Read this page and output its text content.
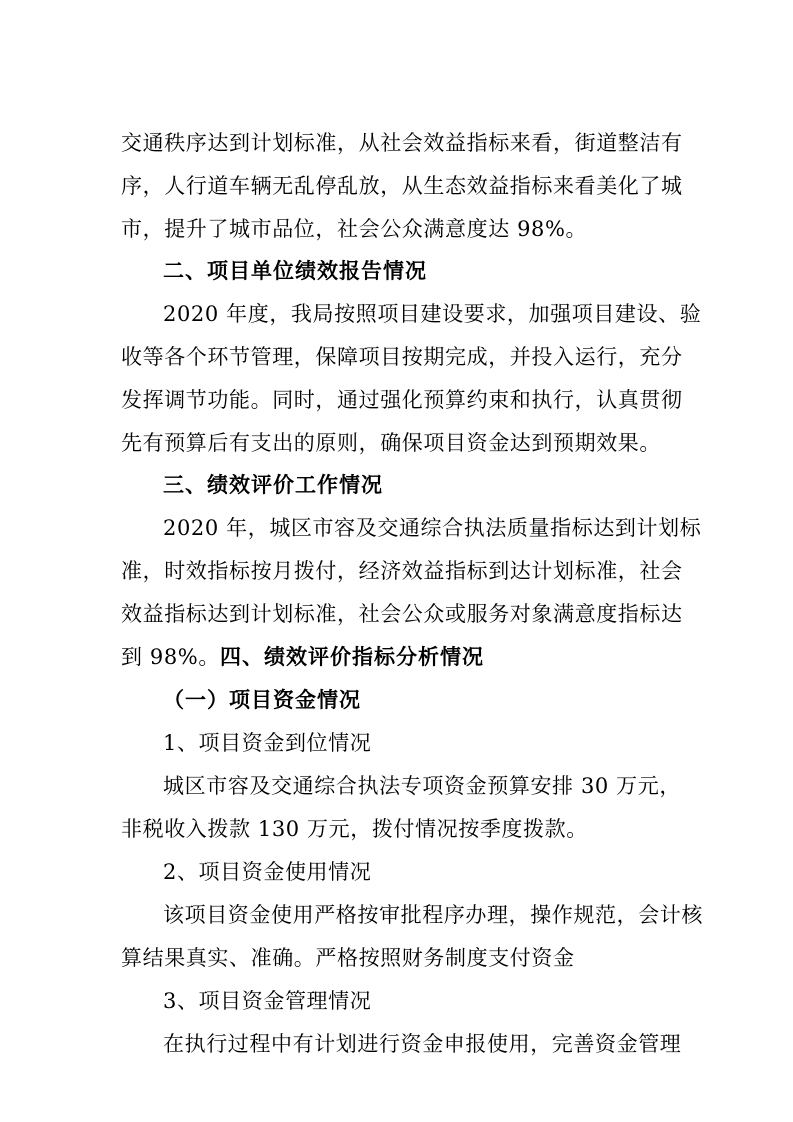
交通秩序达到计划标准，从社会效益指标来看，街道整洁有
序，人行道车辆无乱停乱放，从生态效益指标来看美化了城
市，提升了城市品位，社会公众满意度达 98%。
二、项目单位绩效报告情况
2020 年度，我局按照项目建设要求，加强项目建设、验
收等各个环节管理，保障项目按期完成，并投入运行，充分
发挥调节功能。同时，通过强化预算约束和执行，认真贯彻
先有预算后有支出的原则，确保项目资金达到预期效果。
三、绩效评价工作情况
2020 年，城区市容及交通综合执法质量指标达到计划标
准，时效指标按月拨付，经济效益指标到达计划标准，社会
效益指标达到计划标准，社会公众或服务对象满意度指标达
到 98%。四、绩效评价指标分析情况
（一）项目资金情况
1、项目资金到位情况
城区市容及交通综合执法专项资金预算安排 30 万元，
非税收入拨款 130 万元，拨付情况按季度拨款。
2、项目资金使用情况
该项目资金使用严格按审批程序办理，操作规范，会计核
算结果真实、准确。严格按照财务制度支付资金
3、项目资金管理情况
在执行过程中有计划进行资金申报使用，完善资金管理
